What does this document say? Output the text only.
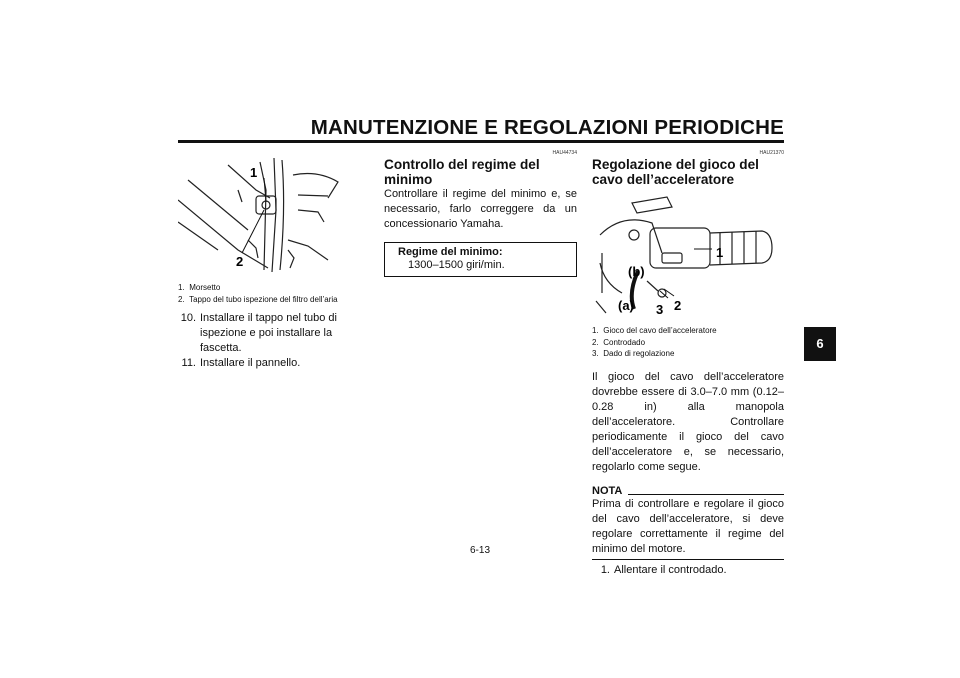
MANUTENZIONE E REGOLAZIONI PERIODICHE
1
2
1. Morsetto
2. Tappo del tubo ispezione del filtro dell’aria
10. Installare il tappo nel tubo di ispezione e poi installare la fascetta.
11. Installare il pannello.
HAU44734
Controllo del regime del minimo
Controllare il regime del minimo e, se necessario, farlo correggere da un concessionario Yamaha.
Regime del minimo:
1300–1500 giri/min.
HAU21370
Regolazione del gioco del cavo dell’acceleratore
1
(b)
(a) 3 2
1. Gioco del cavo dell’acceleratore
2. Controdado
3. Dado di regolazione
Il gioco del cavo dell’acceleratore dovrebbe essere di 3.0–7.0 mm (0.12–0.28 in) alla manopola dell’acceleratore. Controllare periodicamente il gioco del cavo dell’acceleratore e, se necessario, regolarlo come segue.
NOTA
Prima di controllare e regolare il gioco del cavo dell’acceleratore, si deve regolare correttamente il regime del minimo del motore.
1. Allentare il controdado.
6
6-13
